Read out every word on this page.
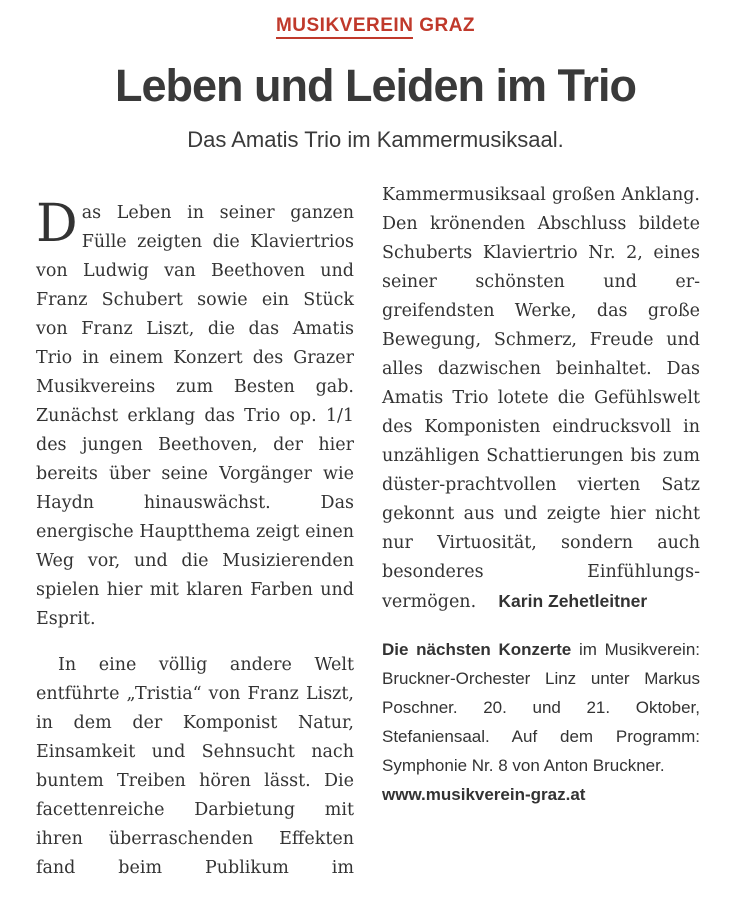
MUSIKVEREIN GRAZ
Leben und Leiden im Trio
Das Amatis Trio im Kammermusiksaal.

Das Leben in seiner ganzen Fülle zeigten die Klaviertrios von Ludwig van Beethoven und Franz Schubert sowie ein Stück von Franz Liszt, die das Amatis Trio in einem Konzert des Grazer Musikvereins zum Besten gab. Zunächst erklang das Trio op. 1/1 des jungen Beethoven, der hier bereits über seine Vorgänger wie Haydn hinauswächst. Das energische Hauptthema zeigt einen Weg vor, und die Musizierenden spielen hier mit klaren Farben und Esprit.

In eine völlig andere Welt entführte „Tristia“ von Franz Liszt, in dem der Komponist Natur, Einsamkeit und Sehnsucht nach buntem Treiben hören lässt. Die facettenreiche Darbietung mit ihren überraschenden Effekten fand beim Publikum im Kammermusiksaal großen Anklang. Den krönenden Abschluss bildete Schuberts Klaviertrio Nr. 2, eines seiner schönsten und ergreifendsten Werke, das große Bewegung, Schmerz, Freude und alles dazwischen beinhaltet. Das Amatis Trio lotete die Gefühlswelt des Komponisten eindrucksvoll in unzähligen Schattierungen bis zum düster-prachtvollen vierten Satz gekonnt aus und zeigte hier nicht nur Virtuosität, sondern auch besonderes Einfühlungsvermögen. Karin Zehetleitner

Die nächsten Konzerte im Musikverein: Bruckner-Orchester Linz unter Markus Poschner. 20. und 21. Oktober, Stefaniensaal. Auf dem Programm: Symphonie Nr. 8 von Anton Bruckner.
www.musikverein-graz.at
